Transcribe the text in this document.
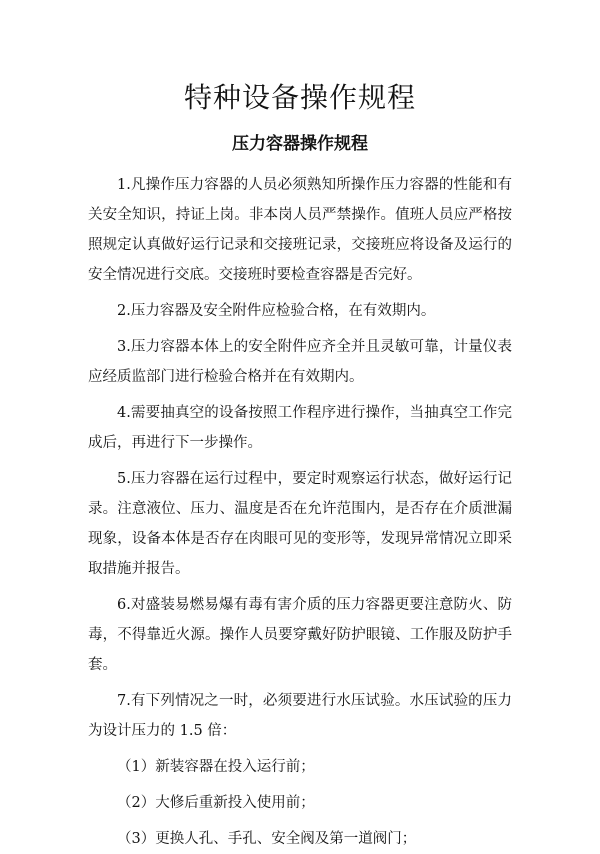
特种设备操作规程
压力容器操作规程

1.凡操作压力容器的人员必须熟知所操作压力容器的性能和有关安全知识，持证上岗。非本岗人员严禁操作。值班人员应严格按照规定认真做好运行记录和交接班记录，交接班应将设备及运行的安全情况进行交底。交接班时要检查容器是否完好。

2.压力容器及安全附件应检验合格，在有效期内。

3.压力容器本体上的安全附件应齐全并且灵敏可靠，计量仪表应经质监部门进行检验合格并在有效期内。

4.需要抽真空的设备按照工作程序进行操作，当抽真空工作完成后，再进行下一步操作。

5.压力容器在运行过程中，要定时观察运行状态，做好运行记录。注意液位、压力、温度是否在允许范围内，是否存在介质泄漏现象，设备本体是否存在肉眼可见的变形等，发现异常情况立即采取措施并报告。

6.对盛装易燃易爆有毒有害介质的压力容器更要注意防火、防毒，不得靠近火源。操作人员要穿戴好防护眼镜、工作服及防护手套。

7.有下列情况之一时，必须要进行水压试验。水压试验的压力为设计压力的 1.5 倍：

（1）新装容器在投入运行前；
（2）大修后重新投入使用前；
（3）更换人孔、手孔、安全阀及第一道阀门；
